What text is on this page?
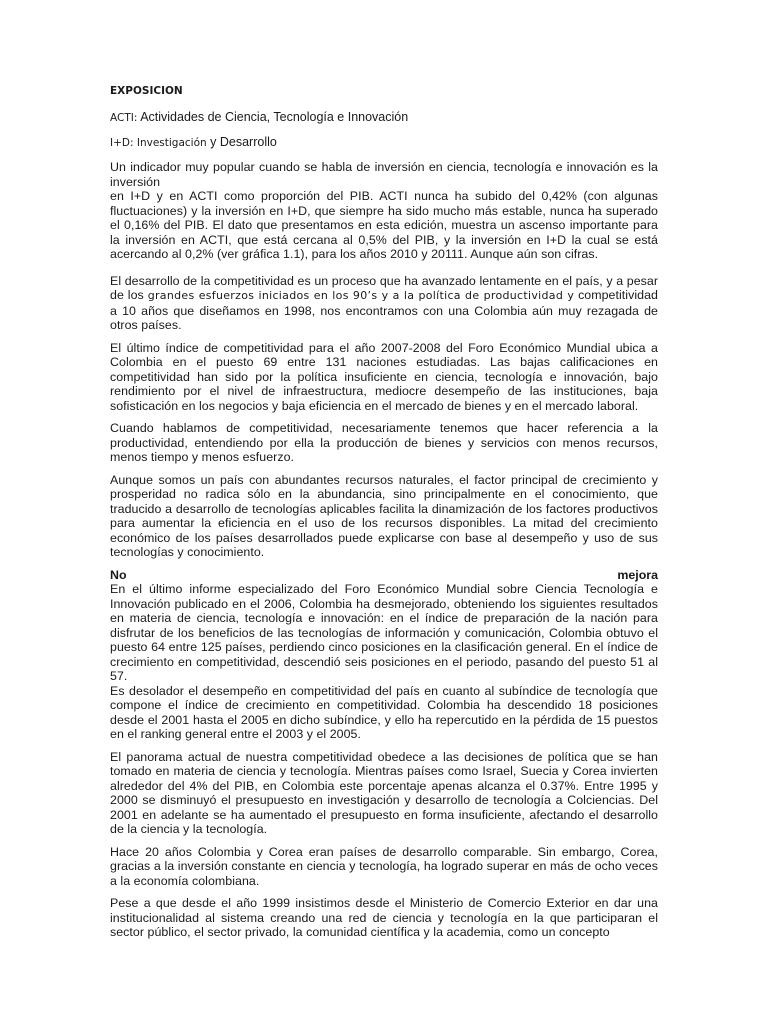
EXPOSICION
ACTI: Actividades de Ciencia, Tecnología e Innovación
I+D: Investigación y Desarrollo
Un indicador muy popular cuando se habla de inversión en ciencia, tecnología e innovación es la inversión
en I+D y en ACTI como proporción del PIB. ACTI nunca ha subido del 0,42% (con algunas fluctuaciones) y la inversión en I+D, que siempre ha sido mucho más estable, nunca ha superado el 0,16% del PIB. El dato que presentamos en esta edición, muestra un ascenso importante para la inversión en ACTI, que está cercana al 0,5% del PIB, y la inversión en I+D la cual se está acercando al 0,2% (ver gráfica 1.1), para los años 2010 y 20111. Aunque aún son cifras.
El desarrollo de la competitividad es un proceso que ha avanzado lentamente en el país, y a pesar de los grandes esfuerzos iniciados en los 90’s y a la política de productividad y competitividad a 10 años que diseñamos en 1998, nos encontramos con una Colombia aún muy rezagada de otros países.
El último índice de competitividad para el año 2007-2008 del Foro Económico Mundial ubica a Colombia en el puesto 69 entre 131 naciones estudiadas. Las bajas calificaciones en competitividad han sido por la política insuficiente en ciencia, tecnología e innovación, bajo rendimiento por el nivel de infraestructura, mediocre desempeño de las instituciones, baja sofisticación en los negocios y baja eficiencia en el mercado de bienes y en el mercado laboral.
Cuando hablamos de competitividad, necesariamente tenemos que hacer referencia a la productividad, entendiendo por ella la producción de bienes y servicios con menos recursos, menos tiempo y menos esfuerzo.
Aunque somos un país con abundantes recursos naturales, el factor principal de crecimiento y prosperidad no radica sólo en la abundancia, sino principalmente en el conocimiento, que traducido a desarrollo de tecnologías aplicables facilita la dinamización de los factores productivos para aumentar la eficiencia en el uso de los recursos disponibles. La mitad del crecimiento económico de los países desarrollados puede explicarse con base al desempeño y uso de sus tecnologías y conocimiento.
No	mejora
En el último informe especializado del Foro Económico Mundial sobre Ciencia Tecnología e Innovación publicado en el 2006, Colombia ha desmejorado, obteniendo los siguientes resultados en materia de ciencia, tecnología e innovación: en el índice de preparación de la nación para disfrutar de los beneficios de las tecnologías de información y comunicación, Colombia obtuvo el puesto 64 entre 125 países, perdiendo cinco posiciones en la clasificación general. En el índice de crecimiento en competitividad, descendió seis posiciones en el periodo, pasando del puesto 51 al 57.
Es desolador el desempeño en competitividad del país en cuanto al subíndice de tecnología que compone el índice de crecimiento en competitividad. Colombia ha descendido 18 posiciones desde el 2001 hasta el 2005 en dicho subíndice, y ello ha repercutido en la pérdida de 15 puestos en el ranking general entre el 2003 y el 2005.
El panorama actual de nuestra competitividad obedece a las decisiones de política que se han tomado en materia de ciencia y tecnología. Mientras países como Israel, Suecia y Corea invierten alrededor del 4% del PIB, en Colombia este porcentaje apenas alcanza el 0.37%. Entre 1995 y 2000 se disminuyó el presupuesto en investigación y desarrollo de tecnología a Colciencias. Del 2001 en adelante se ha aumentado el presupuesto en forma insuficiente, afectando el desarrollo de la ciencia y la tecnología.
Hace 20 años Colombia y Corea eran países de desarrollo comparable. Sin embargo, Corea, gracias a la inversión constante en ciencia y tecnología, ha logrado superar en más de ocho veces a la economía colombiana.
Pese a que desde el año 1999 insistimos desde el Ministerio de Comercio Exterior en dar una institucionalidad al sistema creando una red de ciencia y tecnología en la que participaran el sector público, el sector privado, la comunidad científica y la academia, como un concepto
